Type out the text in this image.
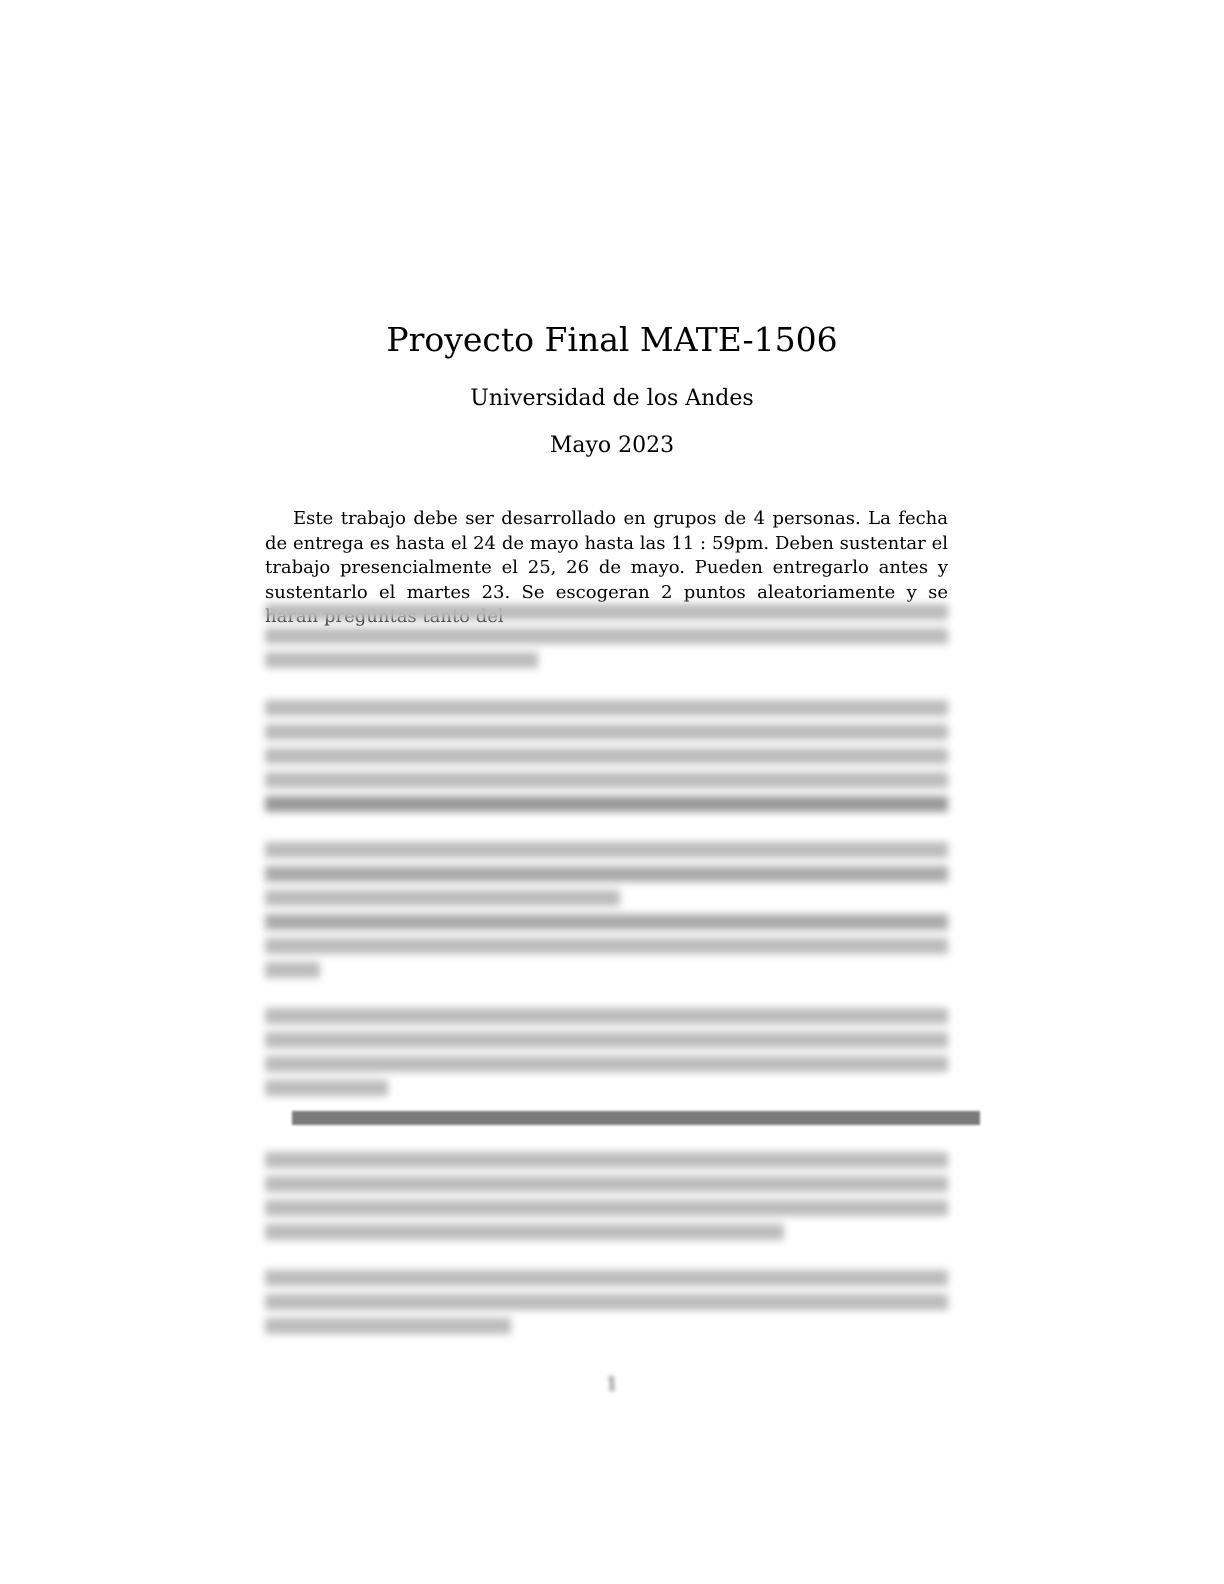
Proyecto Final MATE-1506
Universidad de los Andes
Mayo 2023

Este trabajo debe ser desarrollado en grupos de 4 personas. La fecha de entrega es hasta el 24 de mayo hasta las 11 : 59pm. Deben sustentar el trabajo presencialmente el 25, 26 de mayo. Pueden entregarlo antes y sustentarlo el martes 23. Se escogeran 2 puntos aleatoriamente y se

1
